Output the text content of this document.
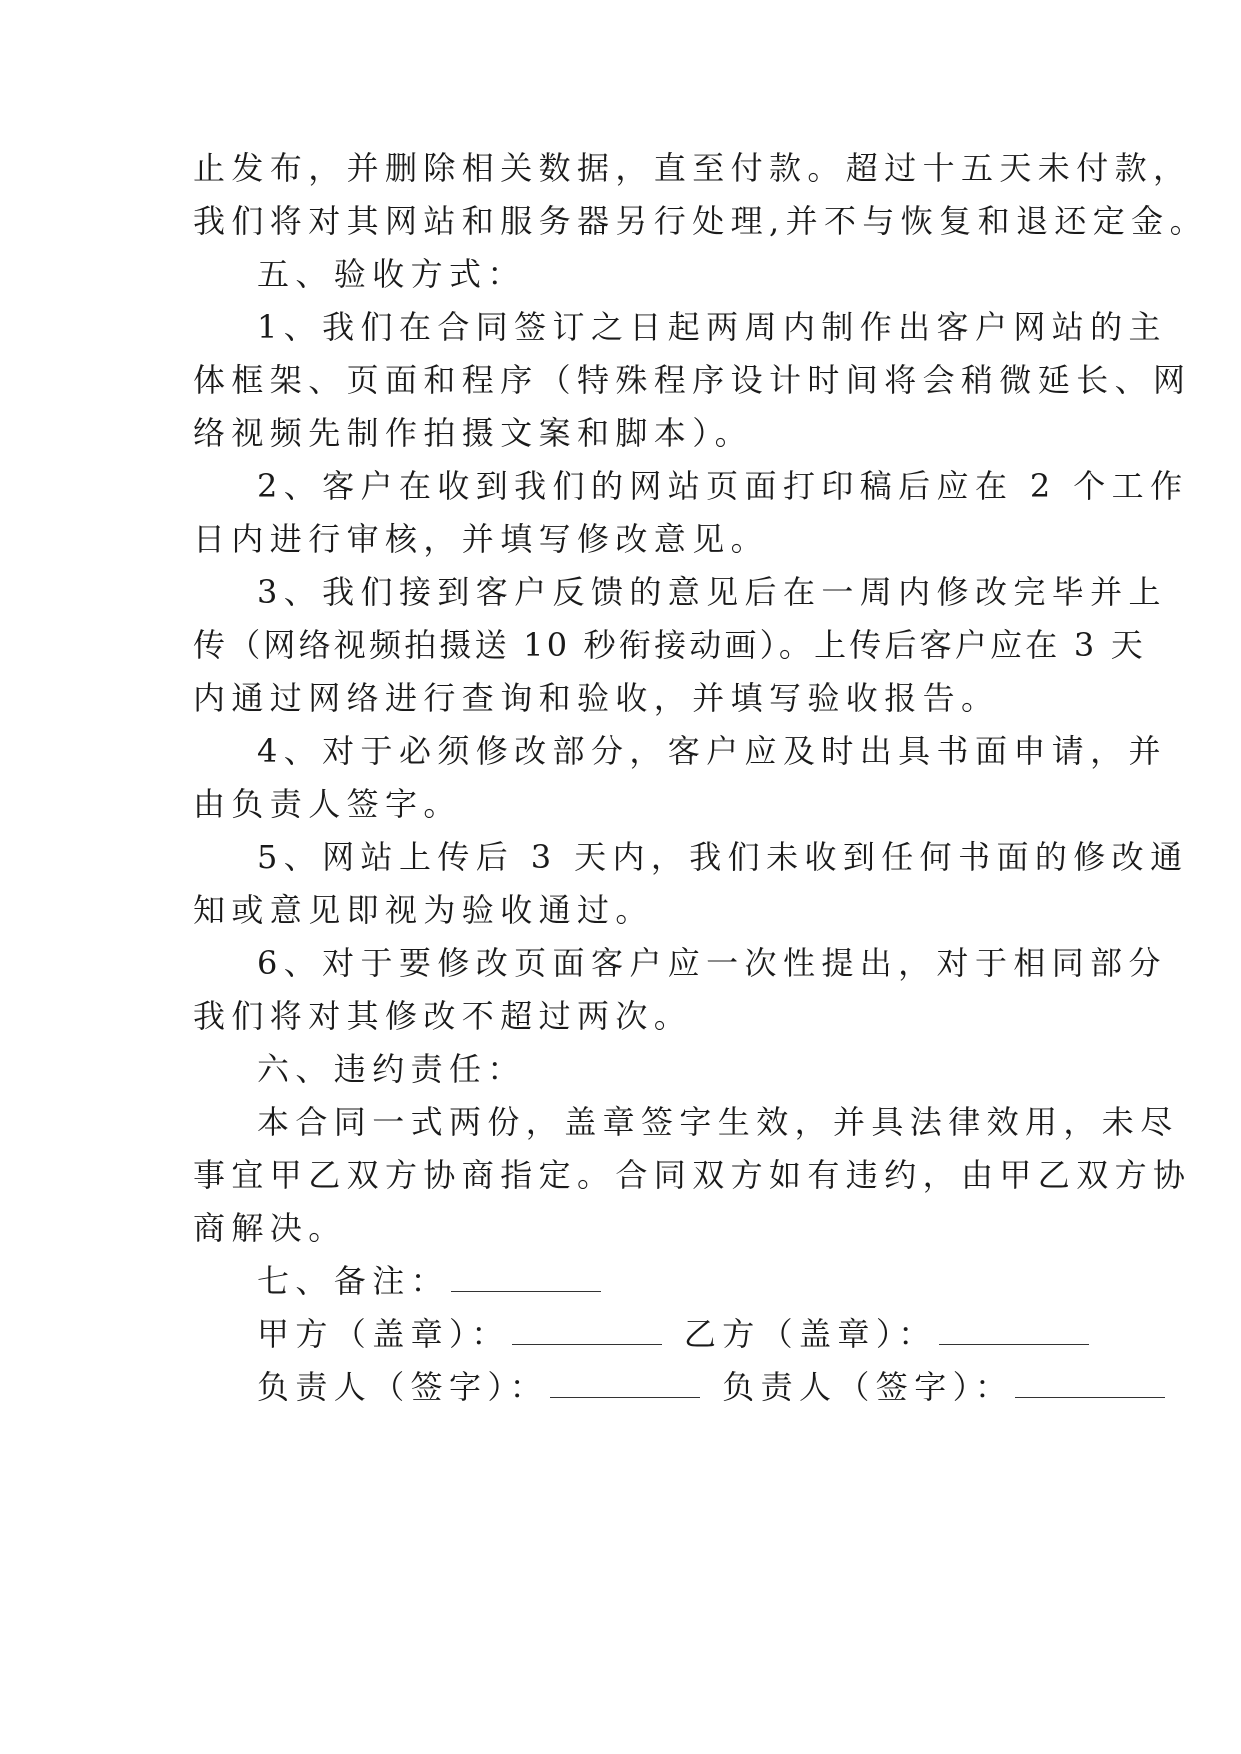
止发布，并删除相关数据，直至付款。超过十五天未付款，

我们将对其网站和服务器另行处理,并不与恢复和退还定金。

五、验收方式：

1、我们在合同签订之日起两周内制作出客户网站的主

体框架、页面和程序（特殊程序设计时间将会稍微延长、网

络视频先制作拍摄文案和脚本）。

2、客户在收到我们的网站页面打印稿后应在 2 个工作

日内进行审核，并填写修改意见。

3、我们接到客户反馈的意见后在一周内修改完毕并上

传（网络视频拍摄送 10 秒衔接动画）。上传后客户应在 3 天

内通过网络进行查询和验收，并填写验收报告。

4、对于必须修改部分，客户应及时出具书面申请，并

由负责人签字。

5、网站上传后 3 天内，我们未收到任何书面的修改通

知或意见即视为验收通过。

6、对于要修改页面客户应一次性提出，对于相同部分

我们将对其修改不超过两次。

六、违约责任：

本合同一式两份，盖章签字生效，并具法律效用，未尽

事宜甲乙双方协商指定。合同双方如有违约，由甲乙双方协

商解决。

七、备注：

甲方（盖章）：	乙方（盖章）：

负责人（签字）：	负责人（签字）：
